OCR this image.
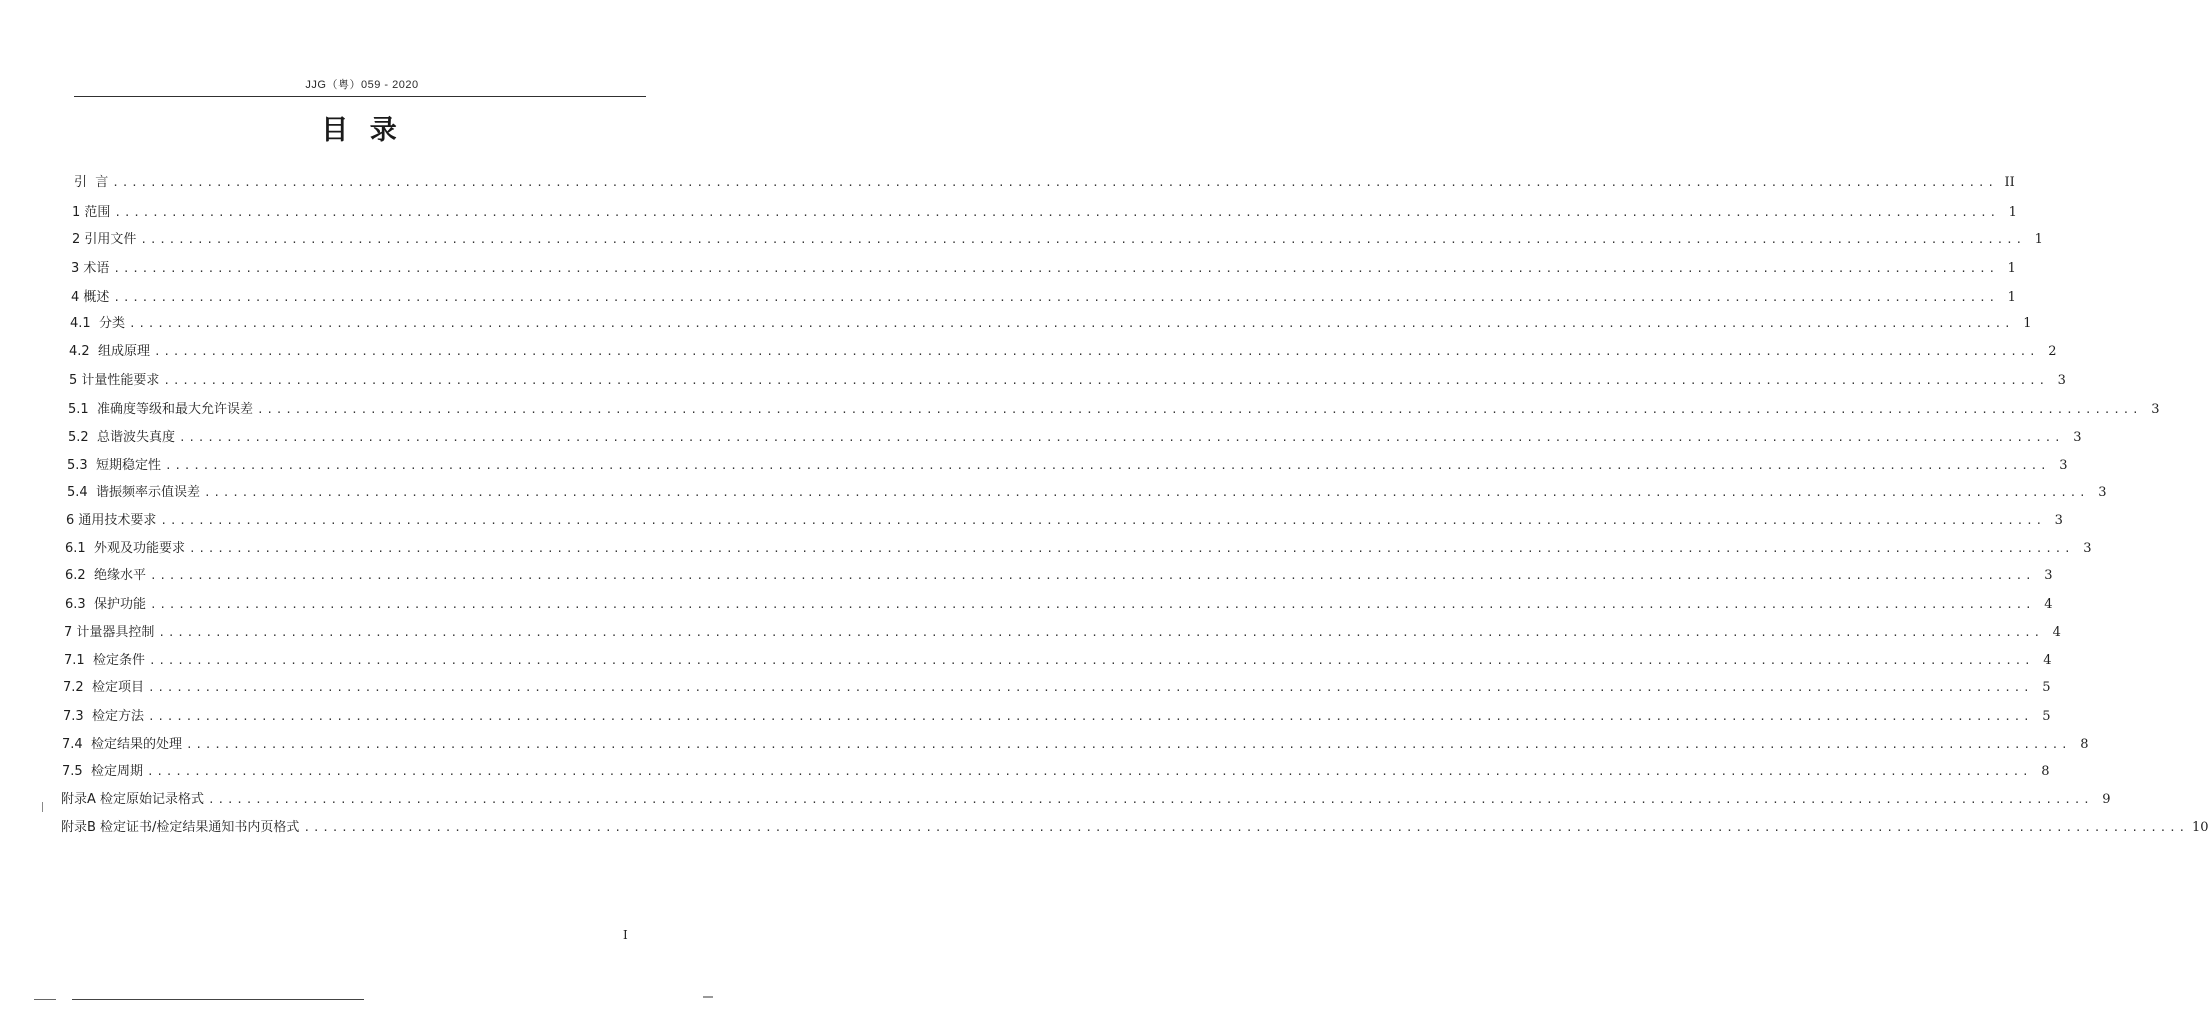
JJG（粤）059 - 2020
目 录
引  言 ........................................................................................................................................................................................................ II
1 范围 ........................................................................................................................................................................................................ 1
2 引用文件 ........................................................................................................................................................................................................ 1
3 术语 ........................................................................................................................................................................................................ 1
4 概述 ........................................................................................................................................................................................................ 1
4.1  分类 ........................................................................................................................................................................................................ 1
4.2  组成原理 ........................................................................................................................................................................................................ 2
5 计量性能要求 ........................................................................................................................................................................................................ 3
5.1  准确度等级和最大允许误差 ........................................................................................................................................................................................................ 3
5.2  总谐波失真度 ........................................................................................................................................................................................................ 3
5.3  短期稳定性 ........................................................................................................................................................................................................ 3
5.4  谐振频率示值误差 ........................................................................................................................................................................................................ 3
6 通用技术要求 ........................................................................................................................................................................................................ 3
6.1  外观及功能要求 ........................................................................................................................................................................................................ 3
6.2  绝缘水平 ........................................................................................................................................................................................................ 3
6.3  保护功能 ........................................................................................................................................................................................................ 4
7 计量器具控制 ........................................................................................................................................................................................................ 4
7.1  检定条件 ........................................................................................................................................................................................................ 4
7.2  检定项目 ........................................................................................................................................................................................................ 5
7.3  检定方法 ........................................................................................................................................................................................................ 5
7.4  检定结果的处理 ........................................................................................................................................................................................................ 8
7.5  检定周期 ........................................................................................................................................................................................................ 8
附录A 检定原始记录格式 ........................................................................................................................................................................................................ 9
附录B 检定证书/检定结果通知书内页格式 ........................................................................................................................................................................................................ 10
I
